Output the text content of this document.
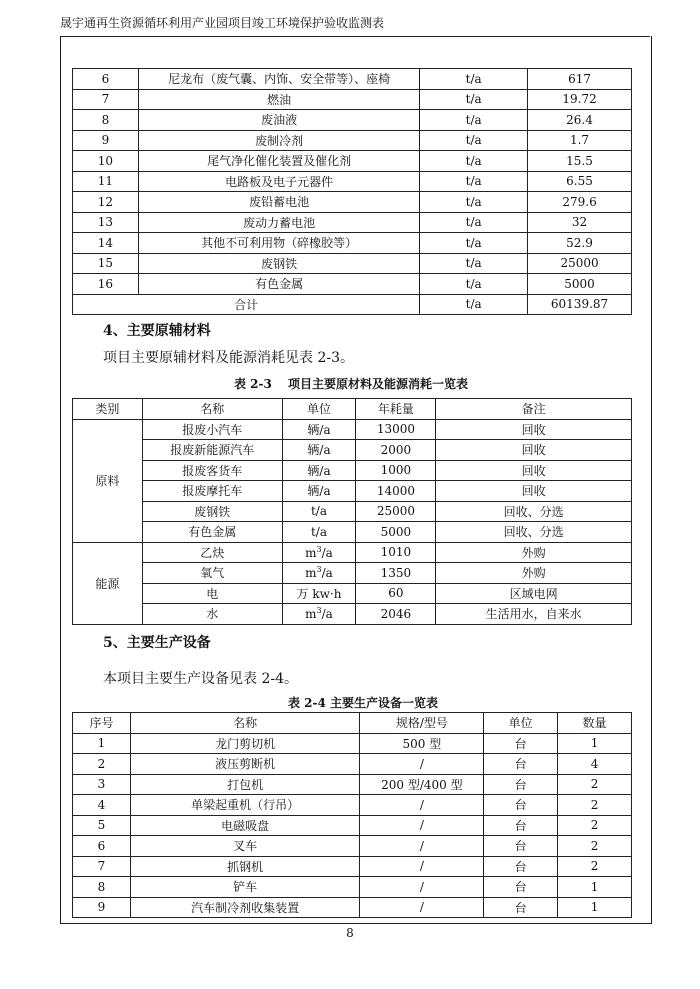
晟宇通再生资源循环利用产业园项目竣工环境保护验收监测表
6	尼龙布（废气囊、内饰、安全带等）、座椅	t/a	617
7	燃油	t/a	19.72
8	废油液	t/a	26.4
9	废制冷剂	t/a	1.7
10	尾气净化催化装置及催化剂	t/a	15.5
11	电路板及电子元器件	t/a	6.55
12	废铅蓄电池	t/a	279.6
13	废动力蓄电池	t/a	32
14	其他不可利用物（碎橡胶等）	t/a	52.9
15	废钢铁	t/a	25000
16	有色金属	t/a	5000
合计		t/a	60139.87
4、主要原辅材料
项目主要原辅材料及能源消耗见表 2-3。
表 2-3　 项目主要原材料及能源消耗一览表
类别	名称	单位	年耗量	备注
原料	报废小汽车	辆/a	13000	回收
	报废新能源汽车	辆/a	2000	回收
	报废客货车	辆/a	1000	回收
	报废摩托车	辆/a	14000	回收
	废钢铁	t/a	25000	回收、分选
	有色金属	t/a	5000	回收、分选
能源	乙炔	$m^3/a$	1010	外购
	氧气	$m^3/a$	1350	外购
	电	万 kw·h	60	区域电网
	水	$m^3/a$	2046	生活用水，自来水
5、主要生产设备
本项目主要生产设备见表 2-4。
表 2-4 主要生产设备一览表
序号	名称	规格/型号	单位	数量
1	龙门剪切机	500 型	台	1
2	液压剪断机	/	台	4
3	打包机	200 型/400 型	台	2
4	单梁起重机（行吊）	/	台	2
5	电磁吸盘	/	台	2
6	叉车	/	台	2
7	抓钢机	/	台	2
8	铲车	/	台	1
9	汽车制冷剂收集装置	/	台	1
8
